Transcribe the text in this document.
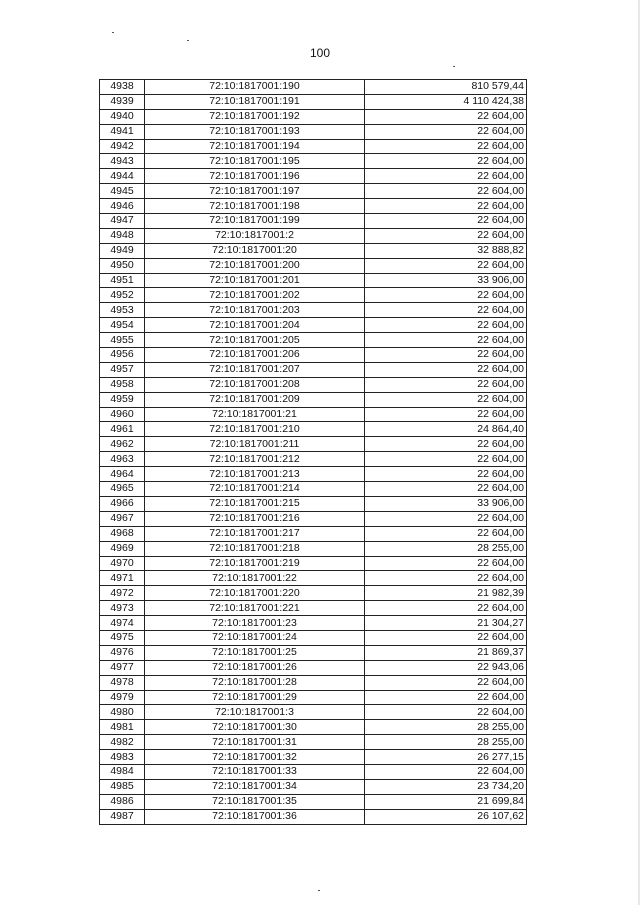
100
4938	72:10:1817001:190	810 579,44
4939	72:10:1817001:191	4 110 424,38
4940	72:10:1817001:192	22 604,00
4941	72:10:1817001:193	22 604,00
4942	72:10:1817001:194	22 604,00
4943	72:10:1817001:195	22 604,00
4944	72:10:1817001:196	22 604,00
4945	72:10:1817001:197	22 604,00
4946	72:10:1817001:198	22 604,00
4947	72:10:1817001:199	22 604,00
4948	72:10:1817001:2	22 604,00
4949	72:10:1817001:20	32 888,82
4950	72:10:1817001:200	22 604,00
4951	72:10:1817001:201	33 906,00
4952	72:10:1817001:202	22 604,00
4953	72:10:1817001:203	22 604,00
4954	72:10:1817001:204	22 604,00
4955	72:10:1817001:205	22 604,00
4956	72:10:1817001:206	22 604,00
4957	72:10:1817001:207	22 604,00
4958	72:10:1817001:208	22 604,00
4959	72:10:1817001:209	22 604,00
4960	72:10:1817001:21	22 604,00
4961	72:10:1817001:210	24 864,40
4962	72:10:1817001:211	22 604,00
4963	72:10:1817001:212	22 604,00
4964	72:10:1817001:213	22 604,00
4965	72:10:1817001:214	22 604,00
4966	72:10:1817001:215	33 906,00
4967	72:10:1817001:216	22 604,00
4968	72:10:1817001:217	22 604,00
4969	72:10:1817001:218	28 255,00
4970	72:10:1817001:219	22 604,00
4971	72:10:1817001:22	22 604,00
4972	72:10:1817001:220	21 982,39
4973	72:10:1817001:221	22 604,00
4974	72:10:1817001:23	21 304,27
4975	72:10:1817001:24	22 604,00
4976	72:10:1817001:25	21 869,37
4977	72:10:1817001:26	22 943,06
4978	72:10:1817001:28	22 604,00
4979	72:10:1817001:29	22 604,00
4980	72:10:1817001:3	22 604,00
4981	72:10:1817001:30	28 255,00
4982	72:10:1817001:31	28 255,00
4983	72:10:1817001:32	26 277,15
4984	72:10:1817001:33	22 604,00
4985	72:10:1817001:34	23 734,20
4986	72:10:1817001:35	21 699,84
4987	72:10:1817001:36	26 107,62
